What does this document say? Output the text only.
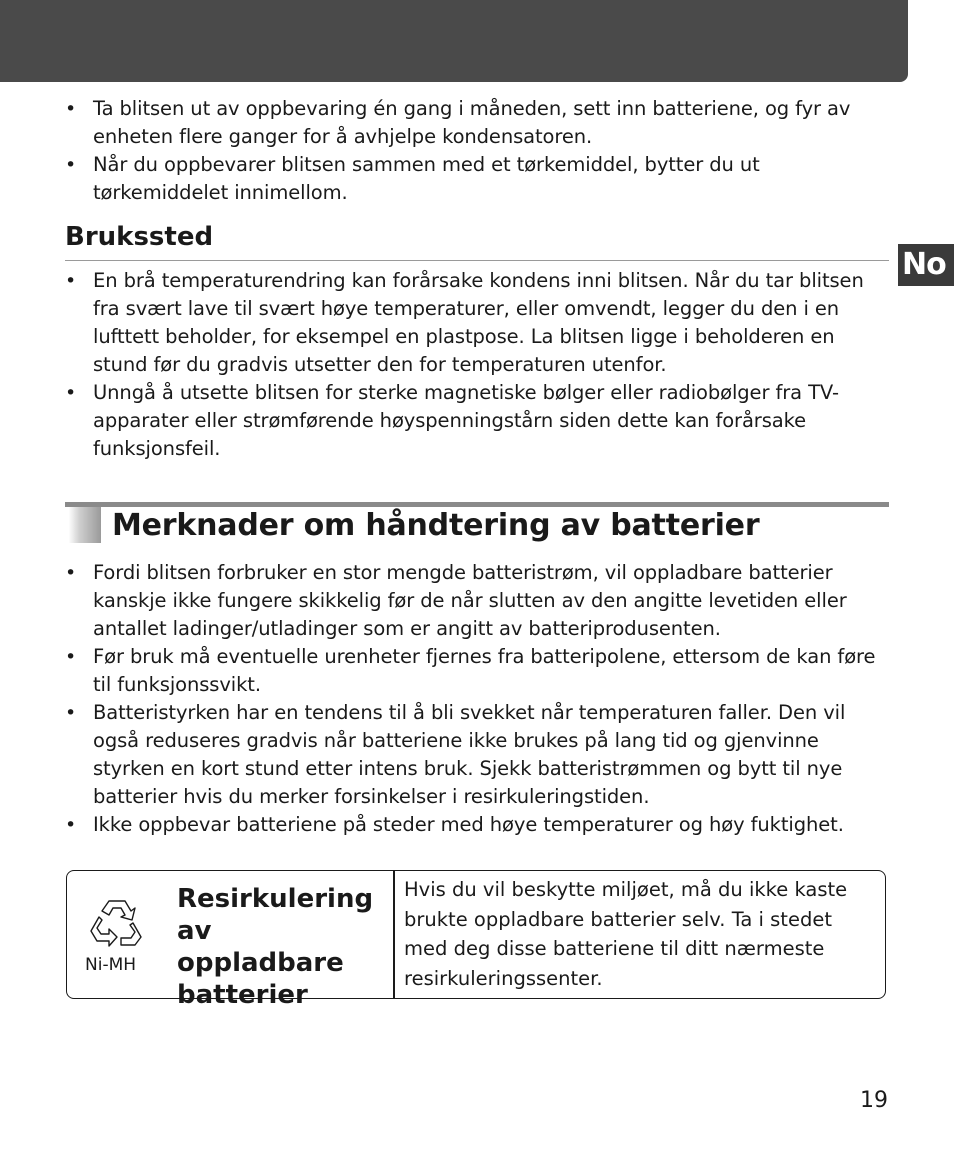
No
• Ta blitsen ut av oppbevaring én gang i måneden, sett inn batteriene, og fyr av enheten flere ganger for å avhjelpe kondensatoren.
• Når du oppbevarer blitsen sammen med et tørkemiddel, bytter du ut tørkemiddelet innimellom.
Brukssted
• En brå temperaturendring kan forårsake kondens inni blitsen. Når du tar blitsen fra svært lave til svært høye temperaturer, eller omvendt, legger du den i en lufttett beholder, for eksempel en plastpose. La blitsen ligge i beholderen en stund før du gradvis utsetter den for temperaturen utenfor.
• Unngå å utsette blitsen for sterke magnetiske bølger eller radiobølger fra TV-apparater eller strømførende høyspenningstårn siden dette kan forårsake funksjonsfeil.
Merknader om håndtering av batterier
• Fordi blitsen forbruker en stor mengde batteristrøm, vil oppladbare batterier kanskje ikke fungere skikkelig før de når slutten av den angitte levetiden eller antallet ladinger/utladinger som er angitt av batteriprodusenten.
• Før bruk må eventuelle urenheter fjernes fra batteripolene, ettersom de kan føre til funksjonssvikt.
• Batteristyrken har en tendens til å bli svekket når temperaturen faller. Den vil også reduseres gradvis når batteriene ikke brukes på lang tid og gjenvinne styrken en kort stund etter intens bruk. Sjekk batteristrømmen og bytt til nye batterier hvis du merker forsinkelser i resirkuleringstiden.
• Ikke oppbevar batteriene på steder med høye temperaturer og høy fuktighet.
Ni-MH
Resirkulering av oppladbare batterier

Hvis du vil beskytte miljøet, må du ikke kaste brukte oppladbare batterier selv. Ta i stedet med deg disse batteriene til ditt nærmeste resirkuleringssenter.

19
